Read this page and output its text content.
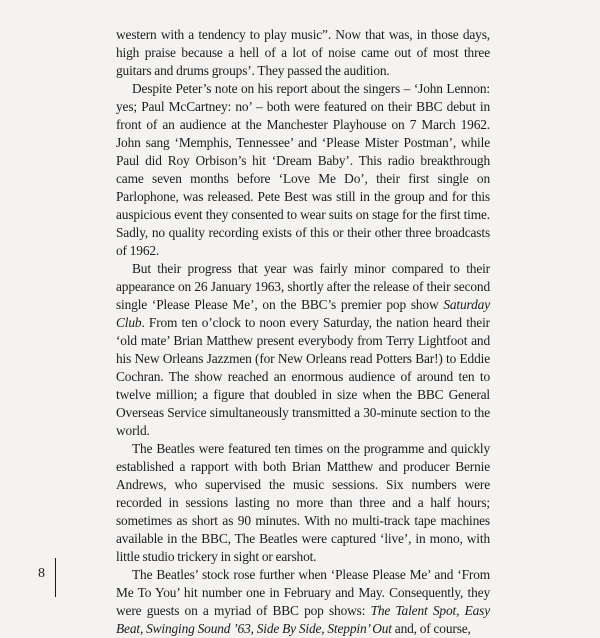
western with a tendency to play music”. Now that was, in those days, high praise because a hell of a lot of noise came out of most three guitars and drums groups’. They passed the audition.

Despite Peter’s note on his report about the singers – ‘John Lennon: yes; Paul McCartney: no’ – both were featured on their BBC debut in front of an audience at the Manchester Playhouse on 7 March 1962. John sang ‘Memphis, Tennessee’ and ‘Please Mister Postman’, while Paul did Roy Orbison’s hit ‘Dream Baby’. This radio breakthrough came seven months before ‘Love Me Do’, their first single on Parlophone, was released. Pete Best was still in the group and for this auspicious event they consented to wear suits on stage for the first time. Sadly, no quality recording exists of this or their other three broadcasts of 1962.

But their progress that year was fairly minor compared to their appearance on 26 January 1963, shortly after the release of their second single ‘Please Please Me’, on the BBC’s premier pop show Saturday Club. From ten o’clock to noon every Saturday, the nation heard their ‘old mate’ Brian Matthew present everybody from Terry Lightfoot and his New Orleans Jazzmen (for New Orleans read Potters Bar!) to Eddie Cochran. The show reached an enormous audience of around ten to twelve million; a figure that doubled in size when the BBC General Overseas Service simultaneously transmitted a 30-minute section to the world.

The Beatles were featured ten times on the programme and quickly established a rapport with both Brian Matthew and producer Bernie Andrews, who supervised the music sessions. Six numbers were recorded in sessions lasting no more than three and a half hours; sometimes as short as 90 minutes. With no multi-track tape machines available in the BBC, The Beatles were captured ‘live’, in mono, with little studio trickery in sight or earshot.

The Beatles’ stock rose further when ‘Please Please Me’ and ‘From Me To You’ hit number one in February and May. Consequently, they were guests on a myriad of BBC pop shows: The Talent Spot, Easy Beat, Swinging Sound ’63, Side By Side, Steppin’ Out and, of course,

8
